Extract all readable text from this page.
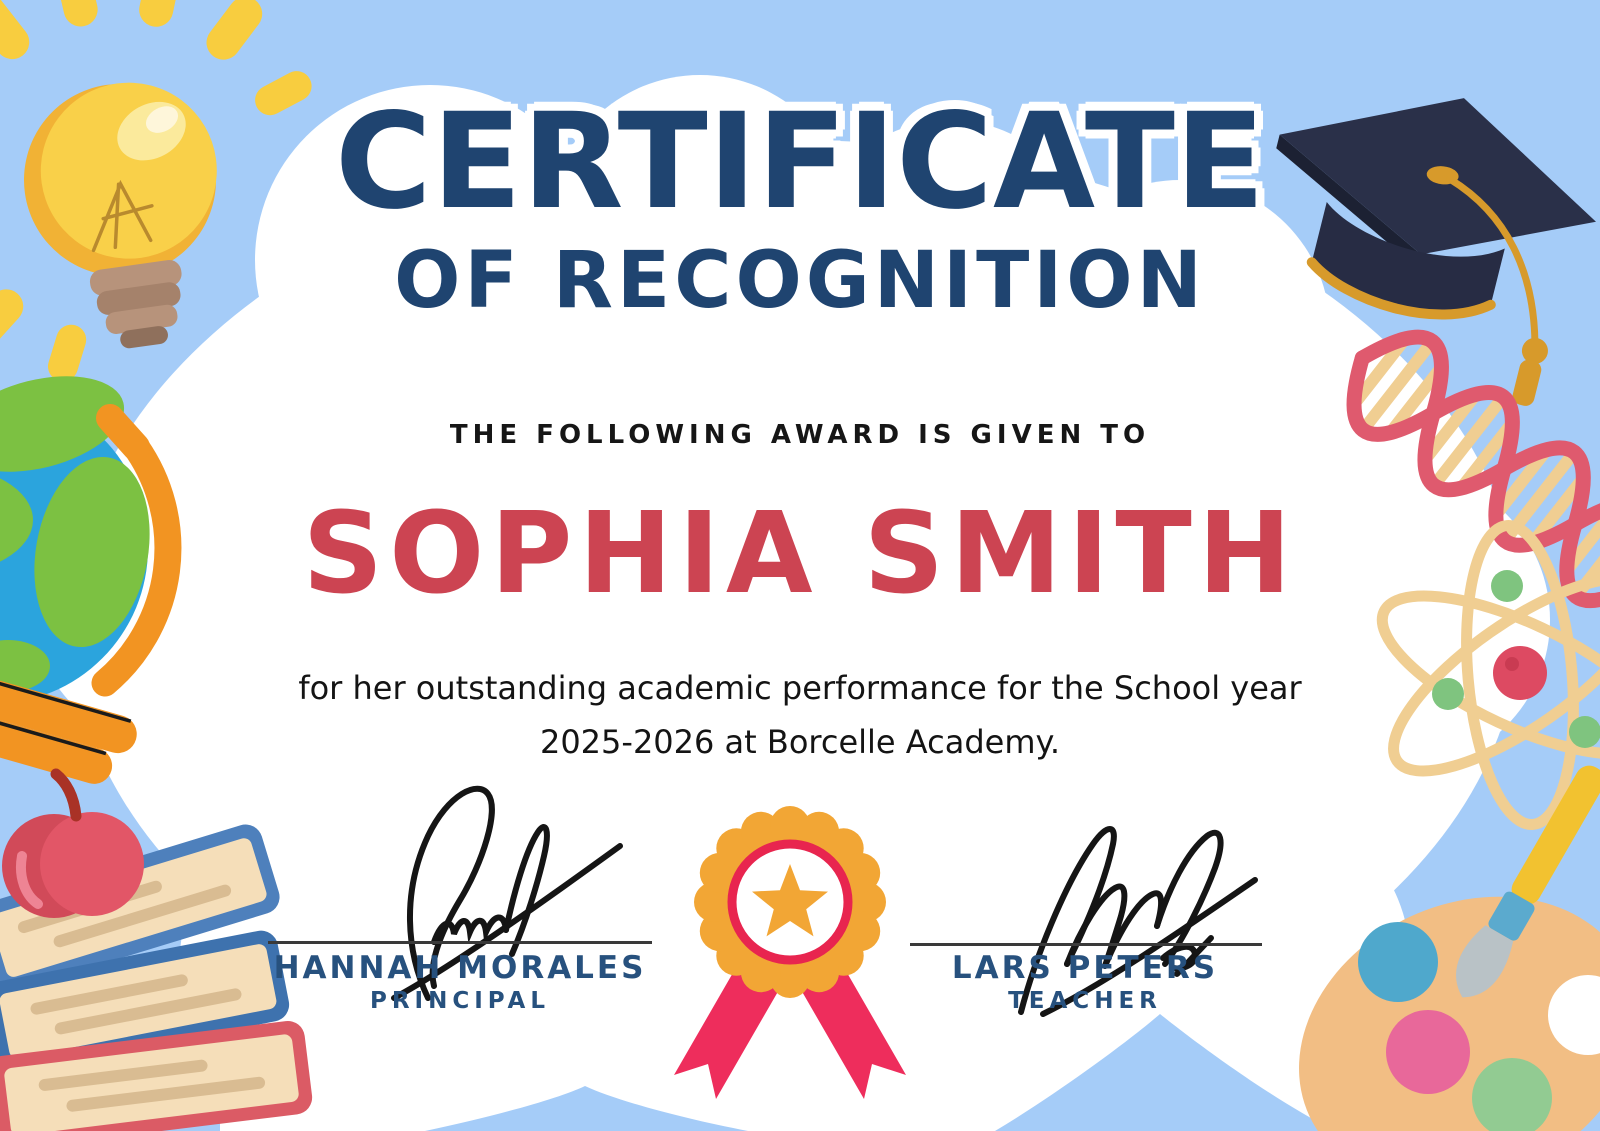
CERTIFICATE
OF RECOGNITION
THE FOLLOWING AWARD IS GIVEN TO
SOPHIA SMITH
for her outstanding academic performance for the School year
2025-2026 at Borcelle Academy.
HANNAH MORALES
PRINCIPAL
LARS PETERS
TEACHER
